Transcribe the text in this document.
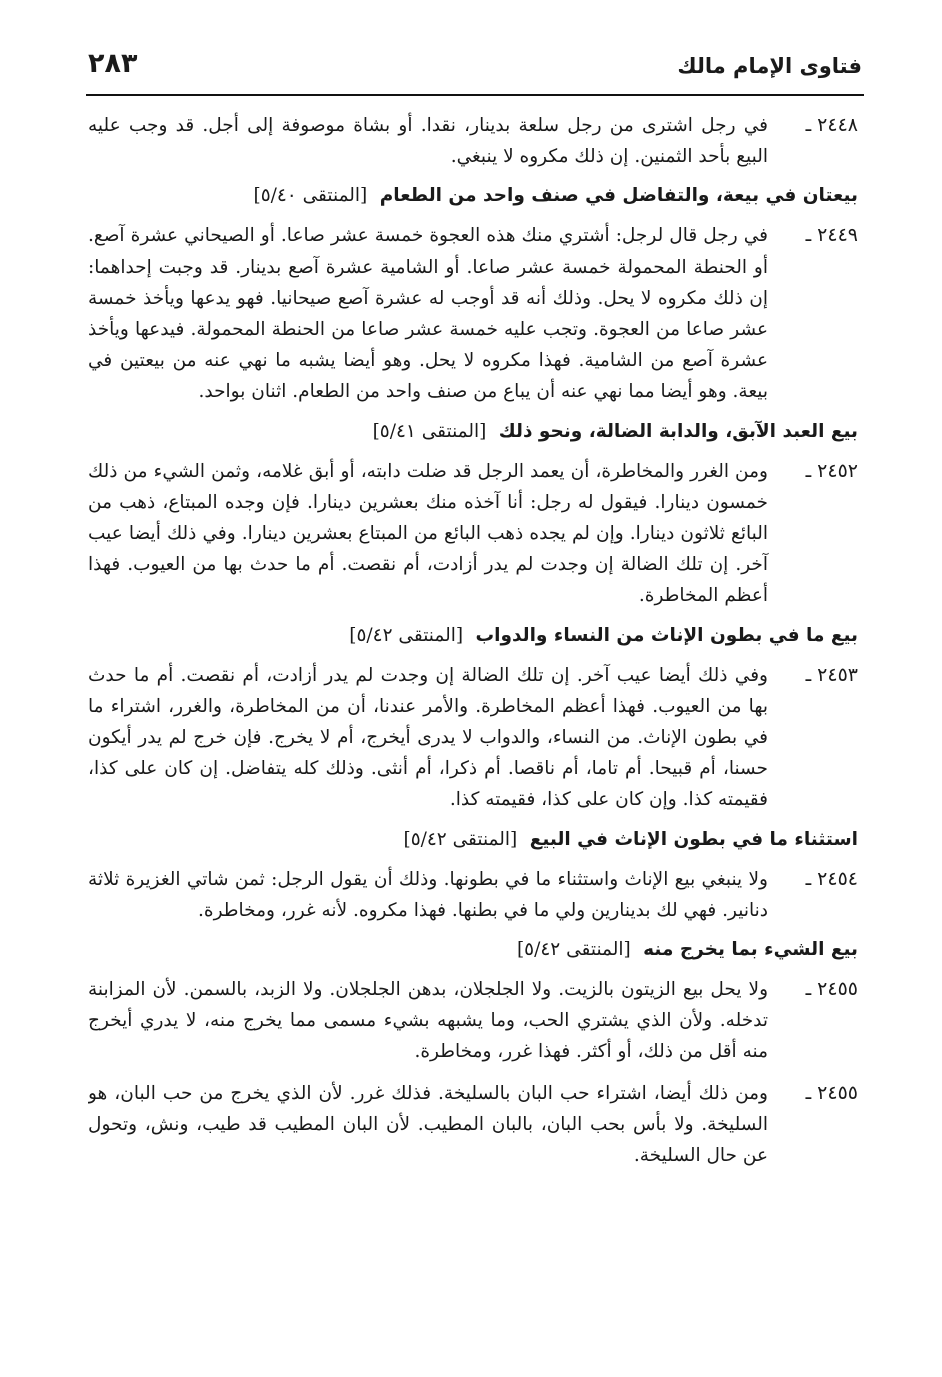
فتاوى الإمام مالك
٢٨٣
٢٤٤٨ ـ
في رجل اشترى من رجل سلعة بدينار، نقدا. أو بشاة موصوفة إلى أجل. قد وجب عليه البيع بأحد الثمنين. إن ذلك مكروه لا ينبغي.
بيعتان في بيعة، والتفاضل في صنف واحد من الطعام [المنتقى ٥/٤٠]
٢٤٤٩ ـ
في رجل قال لرجل: أشتري منك هذه العجوة خمسة عشر صاعا. أو الصيحاني عشرة آصع. أو الحنطة المحمولة خمسة عشر صاعا. أو الشامية عشرة آصع بدينار. قد وجبت إحداهما: إن ذلك مكروه لا يحل. وذلك أنه قد أوجب له عشرة آصع صيحانيا. فهو يدعها ويأخذ خمسة عشر صاعا من العجوة. وتجب عليه خمسة عشر صاعا من الحنطة المحمولة. فيدعها ويأخذ عشرة آصع من الشامية. فهذا مكروه لا يحل. وهو أيضا يشبه ما نهي عنه من بيعتين في بيعة. وهو أيضا مما نهي عنه أن يباع من صنف واحد من الطعام. اثنان بواحد.
بيع العبد الآبق، والدابة الضالة، ونحو ذلك [المنتقى ٥/٤١]
٢٤٥٢ ـ
ومن الغرر والمخاطرة، أن يعمد الرجل قد ضلت دابته، أو أبق غلامه، وثمن الشيء من ذلك خمسون دينارا. فيقول له رجل: أنا آخذه منك بعشرين دينارا. فإن وجده المبتاع، ذهب من البائع ثلاثون دينارا. وإن لم يجده ذهب البائع من المبتاع بعشرين دينارا. وفي ذلك أيضا عيب آخر. إن تلك الضالة إن وجدت لم يدر أزادت، أم نقصت. أم ما حدث بها من العيوب. فهذا أعظم المخاطرة.
بيع ما في بطون الإناث من النساء والدواب [المنتقى ٥/٤٢]
٢٤٥٣ ـ
وفي ذلك أيضا عيب آخر. إن تلك الضالة إن وجدت لم يدر أزادت، أم نقصت. أم ما حدث بها من العيوب. فهذا أعظم المخاطرة. والأمر عندنا، أن من المخاطرة، والغرر، اشتراء ما في بطون الإناث. من النساء، والدواب لا يدرى أيخرج، أم لا يخرج. فإن خرج لم يدر أيكون حسنا، أم قبيحا. أم تاما، أم ناقصا. أم ذكرا، أم أنثى. وذلك كله يتفاضل. إن كان على كذا، فقيمته كذا. وإن كان على كذا، فقيمته كذا.
استثناء ما في بطون الإناث في البيع [المنتقى ٥/٤٢]
٢٤٥٤ ـ
ولا ينبغي بيع الإناث واستثناء ما في بطونها. وذلك أن يقول الرجل: ثمن شاتي الغزيرة ثلاثة دنانير. فهي لك بدينارين ولي ما في بطنها. فهذا مكروه. لأنه غرر، ومخاطرة.
بيع الشيء بما يخرج منه [المنتقى ٥/٤٢]
٢٤٥٥ ـ
ولا يحل بيع الزيتون بالزيت. ولا الجلجلان، بدهن الجلجلان. ولا الزبد، بالسمن. لأن المزابنة تدخله. ولأن الذي يشتري الحب، وما يشبهه بشيء مسمى مما يخرج منه، لا يدري أيخرج منه أقل من ذلك، أو أكثر. فهذا غرر، ومخاطرة.
٢٤٥٥ ـ
ومن ذلك أيضا، اشتراء حب البان بالسليخة. فذلك غرر. لأن الذي يخرج من حب البان، هو السليخة. ولا بأس بحب البان، بالبان المطيب. لأن البان المطيب قد طيب، ونش، وتحول عن حال السليخة.
